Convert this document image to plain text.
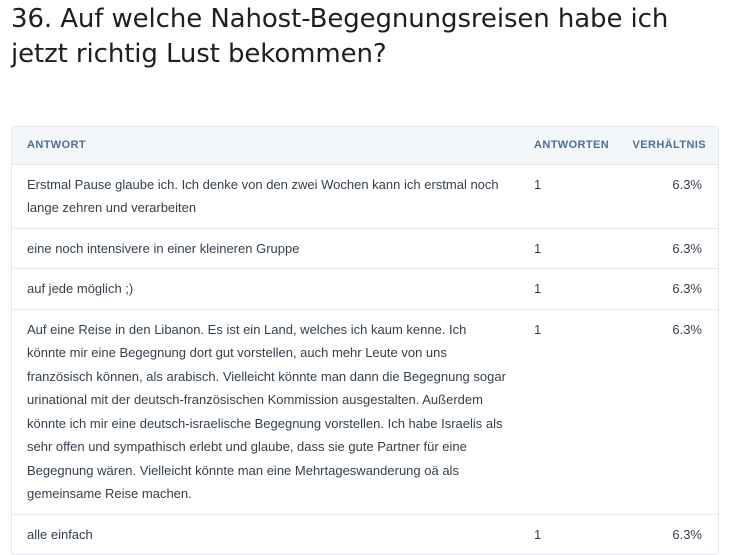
36. Auf welche Nahost-Begegnungsreisen habe ich jetzt richtig Lust bekommen?
ANTWORT	ANTWORTEN	VERHÄLTNIS
Erstmal Pause glaube ich. Ich denke von den zwei Wochen kann ich erstmal noch lange zehren und verarbeiten	1	6.3%
eine noch intensivere in einer kleineren Gruppe	1	6.3%
auf jede möglich ;)	1	6.3%
Auf eine Reise in den Libanon. Es ist ein Land, welches ich kaum kenne. Ich könnte mir eine Begegnung dort gut vorstellen, auch mehr Leute von uns französisch können, als arabisch. Vielleicht könnte man dann die Begegnung sogar urinational mit der deutsch-französischen Kommission ausgestalten. Außerdem könnte ich mir eine deutsch-israelische Begegnung vorstellen. Ich habe Israelis als sehr offen und sympathisch erlebt und glaube, dass sie gute Partner für eine Begegnung wären. Vielleicht könnte man eine Mehrtageswanderung oä als gemeinsame Reise machen.	1	6.3%
alle einfach	1	6.3%
